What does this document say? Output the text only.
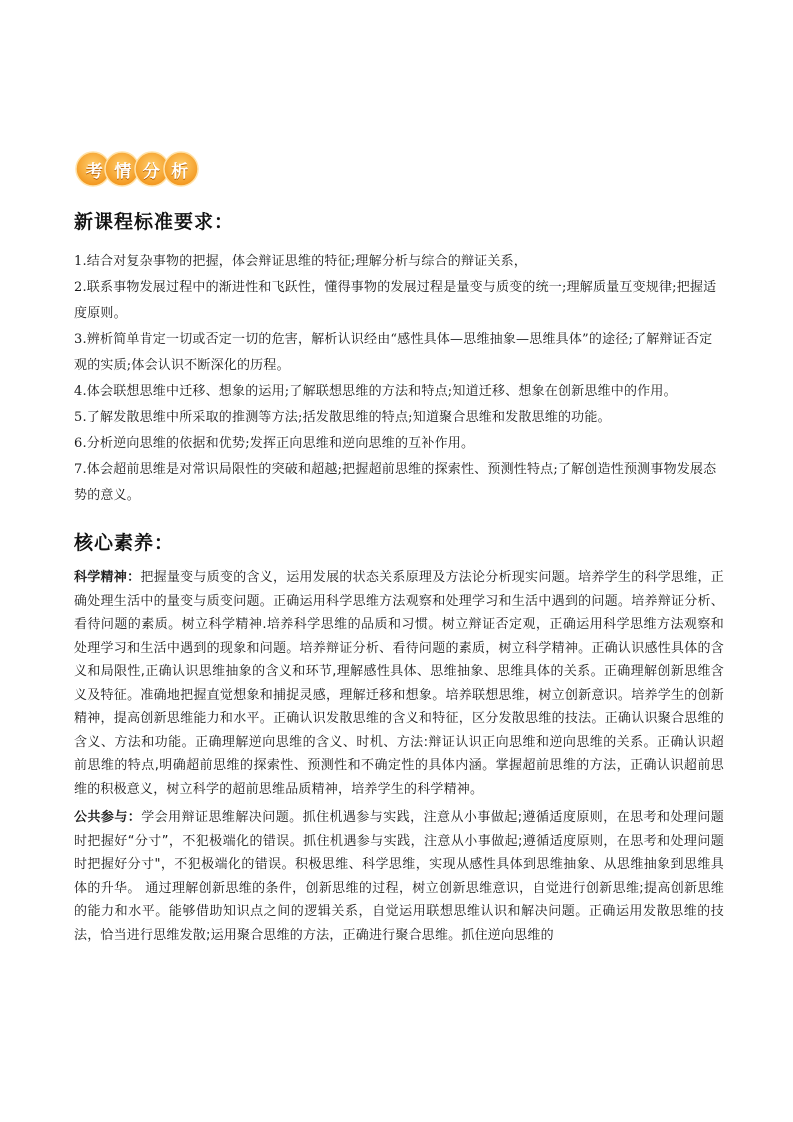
考 情 分 析
新课程标准要求：

1.结合对复杂事物的把握，体会辩证思维的特征;理解分析与综合的辩证关系，

2.联系事物发展过程中的渐进性和飞跃性，懂得事物的发展过程是量变与质变的统一;理解质量互变规律;把握适度原则。

3.辨析简单肯定一切或否定一切的危害，解析认识经由“感性具体—思维抽象—思维具体”的途径;了解辩证否定观的实质;体会认识不断深化的历程。

4.体会联想思维中迁移、想象的运用;了解联想思维的方法和特点;知道迁移、想象在创新思维中的作用。

5.了解发散思维中所采取的推测等方法;括发散思维的特点;知道聚合思维和发散思维的功能。

6.分析逆向思维的依据和优势;发挥正向思维和逆向思维的互补作用。

7.体会超前思维是对常识局限性的突破和超越;把握超前思维的探索性、预测性特点;了解创造性预测事物发展态势的意义。

核心素养：

科学精神：把握量变与质变的含义，运用发展的状态关系原理及方法论分析现实问题。培养学生的科学思维，正确处理生活中的量变与质变问题。正确运用科学思维方法观察和处理学习和生活中遇到的问题。培养辩证分析、看待问题的素质。树立科学精神.培养科学思维的品质和习惯。树立辩证否定观，正确运用科学思维方法观察和处理学习和生活中遇到的现象和问题。培养辩证分析、看待问题的素质，树立科学精神。正确认识感性具体的含义和局限性,正确认识思维抽象的含义和环节,理解感性具体、思维抽象、思维具体的关系。正确理解创新思维含义及特征。准确地把握直觉想象和捕捉灵感，理解迁移和想象。培养联想思维，树立创新意识。培养学生的创新精神，提高创新思维能力和水平。正确认识发散思维的含义和特征，区分发散思维的技法。正确认识聚合思维的含义、方法和功能。正确理解逆向思维的含义、时机、方法:辩证认识正向思维和逆向思维的关系。正确认识超前思维的特点,明确超前思维的探索性、预测性和不确定性的具体内涵。掌握超前思维的方法，正确认识超前思维的积极意义，树立科学的超前思维品质精神，培养学生的科学精神。

公共参与：学会用辩证思维解决问题。抓住机遇参与实践，注意从小事做起;遵循适度原则，在思考和处理问题时把握好“分寸”，不犯极端化的错误。抓住机遇参与实践，注意从小事做起;遵循适度原则，在思考和处理问题时把握好分寸"，不犯极端化的错误。积极思维、科学思维，实现从感性具体到思维抽象、从思维抽象到思维具体的升华。 通过理解创新思维的条件，创新思维的过程，树立创新思维意识，自觉进行创新思维;提高创新思维的能力和水平。能够借助知识点之间的逻辑关系，自觉运用联想思维认识和解决问题。正确运用发散思维的技法，恰当进行思维发散;运用聚合思维的方法，正确进行聚合思维。抓住逆向思维的
